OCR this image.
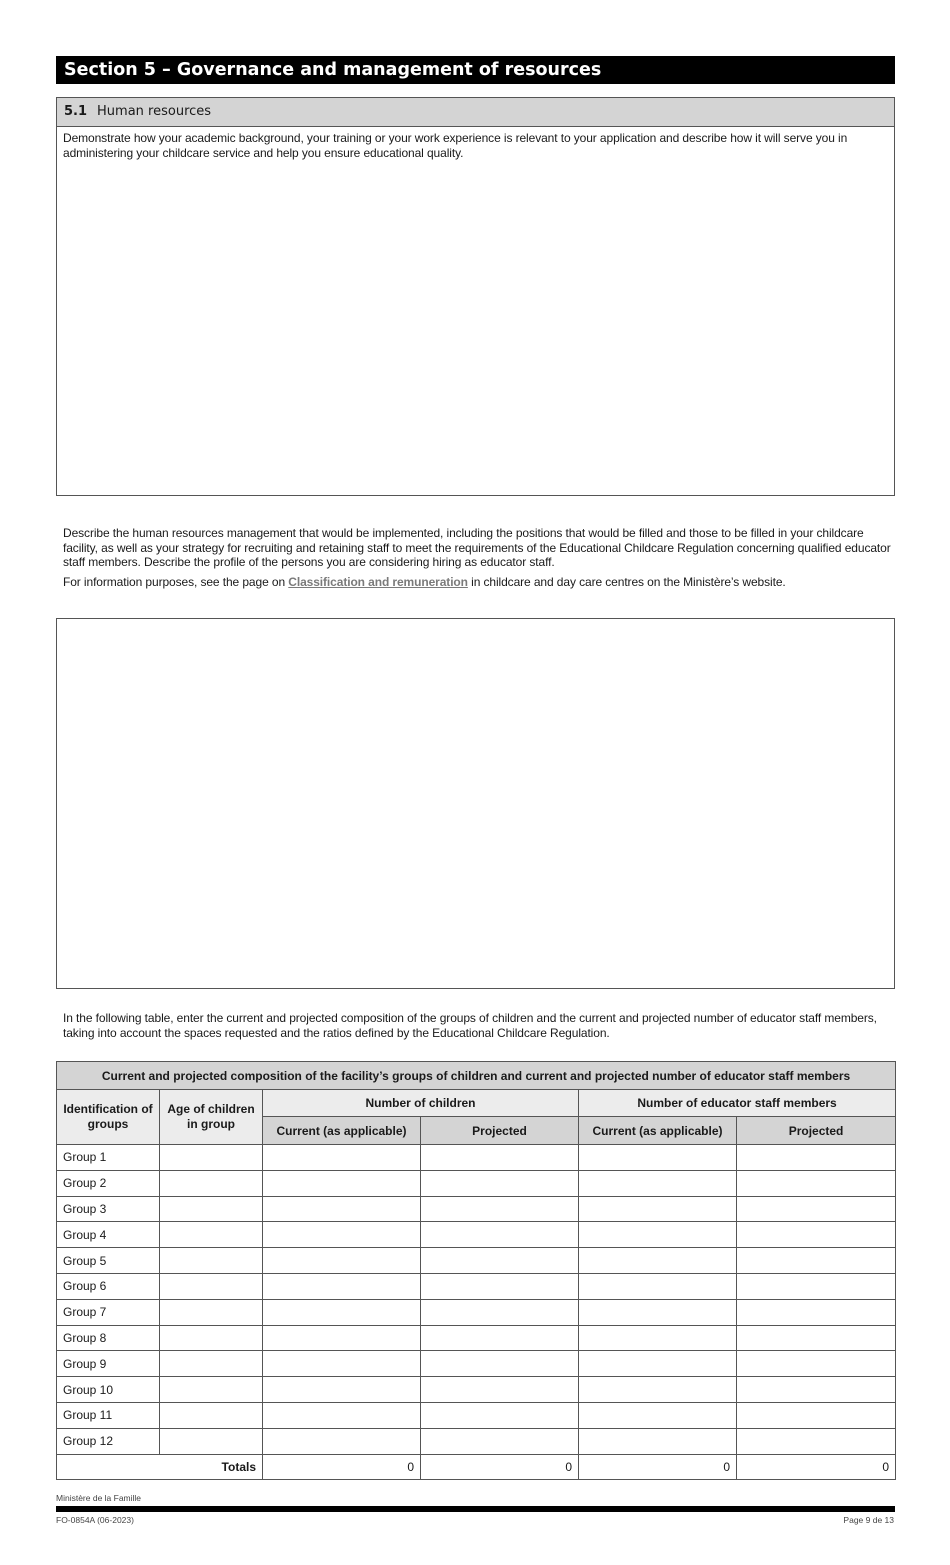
Section 5 – Governance and management of resources
5.1 Human resources
Demonstrate how your academic background, your training or your work experience is relevant to your application and describe how it will serve you in administering your childcare service and help you ensure educational quality.
Describe the human resources management that would be implemented, including the positions that would be filled and those to be filled in your childcare facility, as well as your strategy for recruiting and retaining staff to meet the requirements of the Educational Childcare Regulation concerning qualified educator staff members. Describe the profile of the persons you are considering hiring as educator staff.
For information purposes, see the page on Classification and remuneration in childcare and day care centres on the Ministère’s website.
In the following table, enter the current and projected composition of the groups of children and the current and projected number of educator staff members, taking into account the spaces requested and the ratios defined by the Educational Childcare Regulation.
Current and projected composition of the facility’s groups of children and current and projected number of educator staff members					
Identification of groups	Age of children in group	Number of children		Number of educator staff members	
		Current (as applicable)	Projected	Current (as applicable)	Projected
Group 1					
Group 2					
Group 3					
Group 4					
Group 5					
Group 6					
Group 7					
Group 8					
Group 9					
Group 10					
Group 11					
Group 12					
Totals		0	0	0	0
Ministère de la Famille
FO-0854A (06-2023)	Page 9 de 13
